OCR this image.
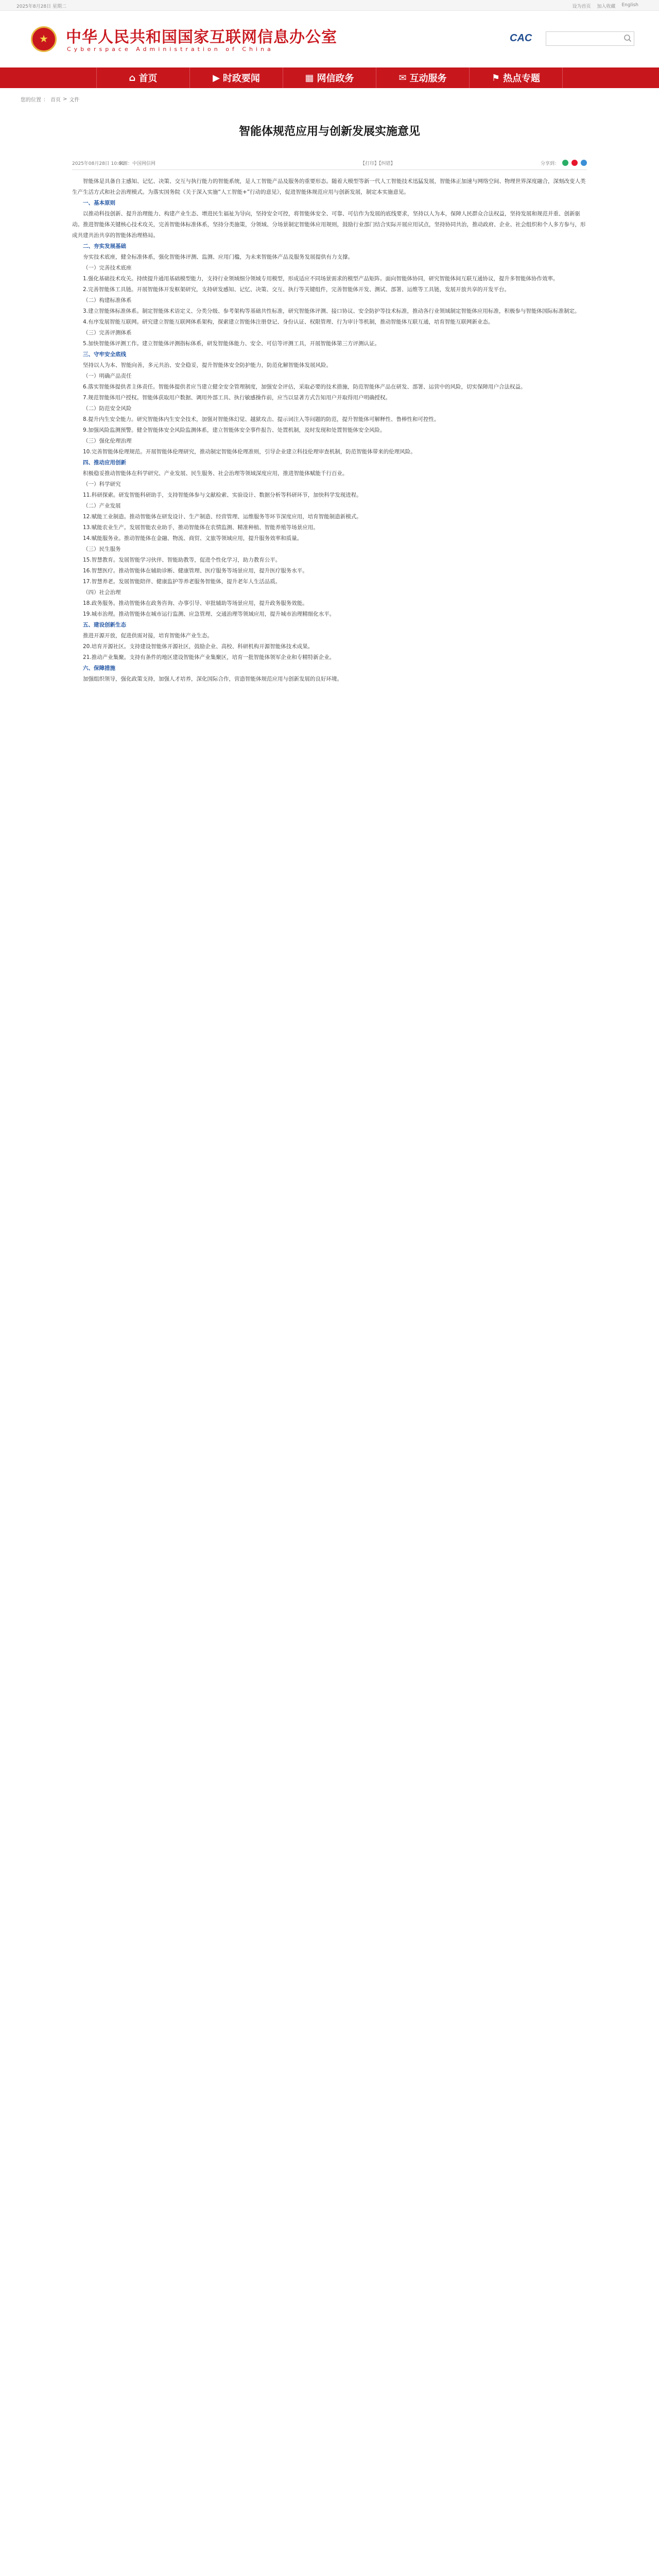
2025年8月28日 星期二	设为首页 加入收藏 English
★
中华人民共和国国家互联网信息办公室
Cyberspace Administration of China
CAC
⌂ 首页	▶ 时政要闻	▦ 网信政务	✉ 互动服务	⚑ 热点专题
您的位置 ： 首页 > 文件
智能体规范应用与创新发展实施意见
2025年08月28日 10:00
来源：中国网信网	【打印】【纠错】	分享到：

智能体是具备自主感知、记忆、决策、交互与执行能力的智能系统，是人工智能产品及服务的重要形态。随着大模型等新一代人工智能技术迅猛发展，智能体正加速与网络空间、物理世界深度融合，深刻改变人类生产生活方式和社会治理模式。为落实国务院《关于深入实施“人工智能+”行动的意见》，促进智能体规范应用与创新发展，制定本实施意见。

一、基本原则

以推动科技创新、提升治理能力、构建产业生态、增进民生福祉为导向，坚持安全可控，将智能体安全、可靠、可信作为发展的底线要求，坚持以人为本，保障人民群众合法权益，坚持发展和规范并重、创新驱动。推进智能体关键核心技术攻关，完善智能体标准体系，坚持分类施策，分领域、分场景制定智能体应用规则，鼓励行业部门结合实际开展应用试点，坚持协同共治，推动政府、企业、社会组织和个人多方参与，形成共建共治共享的智能体治理格局。

二、夯实发展基础

夯实技术底座，健全标准体系，强化智能体评测、监测、应用门槛，为未来智能体产品及服务发展提供有力支撑。

（一）完善技术底座

1.强化基础技术攻关。持续提升通用基础模型能力，支持行业领域细分领域专用模型，形成适应不同场景需求的模型产品矩阵。面向智能体协同，研究智能体间互联互通协议，提升多智能体协作效率。

2.完善智能体工具链。开展智能体开发框架研究，支持研发感知、记忆、决策、交互、执行等关键组件，完善智能体开发、测试、部署、运维等工具链，发展开放共享的开发平台。

（二）构建标准体系

3.建立智能体标准体系。制定智能体术语定义、分类分级、参考架构等基础共性标准，研究智能体评测、接口协议、安全防护等技术标准，推动各行业领域制定智能体应用标准，积极参与智能体国际标准制定。

4.有序发展智能互联网。研究建立智能互联网体系架构，探索建立智能体注册登记、身份认证、权限管理、行为审计等机制，推动智能体互联互通，培育智能互联网新业态。

（三）完善评测体系

5.加快智能体评测工作。建立智能体评测指标体系，研发智能体能力、安全、可信等评测工具，开展智能体第三方评测认证。

三、守牢安全底线

坚持以人为本、智能向善，多元共治、安全稳妥，提升智能体安全防护能力，防范化解智能体发展风险。

（一）明确产品责任

6.落实智能体提供者主体责任。智能体提供者应当建立健全安全管理制度，加强安全评估，采取必要的技术措施，防范智能体产品在研发、部署、运营中的风险，切实保障用户合法权益。

7.规范智能体用户授权。智能体获取用户数据、调用外部工具、执行敏感操作前，应当以显著方式告知用户并取得用户明确授权。

（二）防范安全风险

8.提升内生安全能力。研究智能体内生安全技术，加强对智能体幻觉、越狱攻击、提示词注入等问题的防范，提升智能体可解释性、鲁棒性和可控性。

9.加强风险监测预警。健全智能体安全风险监测体系，建立智能体安全事件报告、处置机制，及时发现和处置智能体安全风险。

（三）强化伦理治理

10.完善智能体伦理规范。开展智能体伦理研究，推动制定智能体伦理准则，引导企业建立科技伦理审查机制，防范智能体带来的伦理风险。

四、推动应用创新

积极稳妥推动智能体在科学研究、产业发展、民生服务、社会治理等领域深度应用，推进智能体赋能千行百业。

（一）科学研究

11.科研探索。研发智能科研助手，支持智能体参与文献检索、实验设计、数据分析等科研环节，加快科学发现进程。

（二）产业发展

12.赋能工业制造。推动智能体在研发设计、生产制造、经营管理、运维服务等环节深度应用，培育智能制造新模式。

13.赋能农业生产。发展智能农业助手，推动智能体在农情监测、精准种植、智能养殖等场景应用。

14.赋能服务业。推动智能体在金融、物流、商贸、文旅等领域应用，提升服务效率和质量。

（三）民生服务

15.智慧教育。发展智能学习伙伴、智能助教等，促进个性化学习，助力教育公平。

16.智慧医疗。推动智能体在辅助诊断、健康管理、医疗服务等场景应用，提升医疗服务水平。

17.智慧养老。发展智能陪伴、健康监护等养老服务智能体，提升老年人生活品质。

（四）社会治理

18.政务服务。推动智能体在政务咨询、办事引导、审批辅助等场景应用，提升政务服务效能。

19.城市治理。推动智能体在城市运行监测、应急管理、交通治理等领域应用，提升城市治理精细化水平。

五、建设创新生态

推进开源开放，促进供需对接，培育智能体产业生态。

20.培育开源社区。支持建设智能体开源社区，鼓励企业、高校、科研机构开源智能体技术成果。

21.推动产业集聚。支持有条件的地区建设智能体产业集聚区，培育一批智能体领军企业和专精特新企业。

六、保障措施

加强组织领导，强化政策支持，加强人才培养，深化国际合作，营造智能体规范应用与创新发展的良好环境。
